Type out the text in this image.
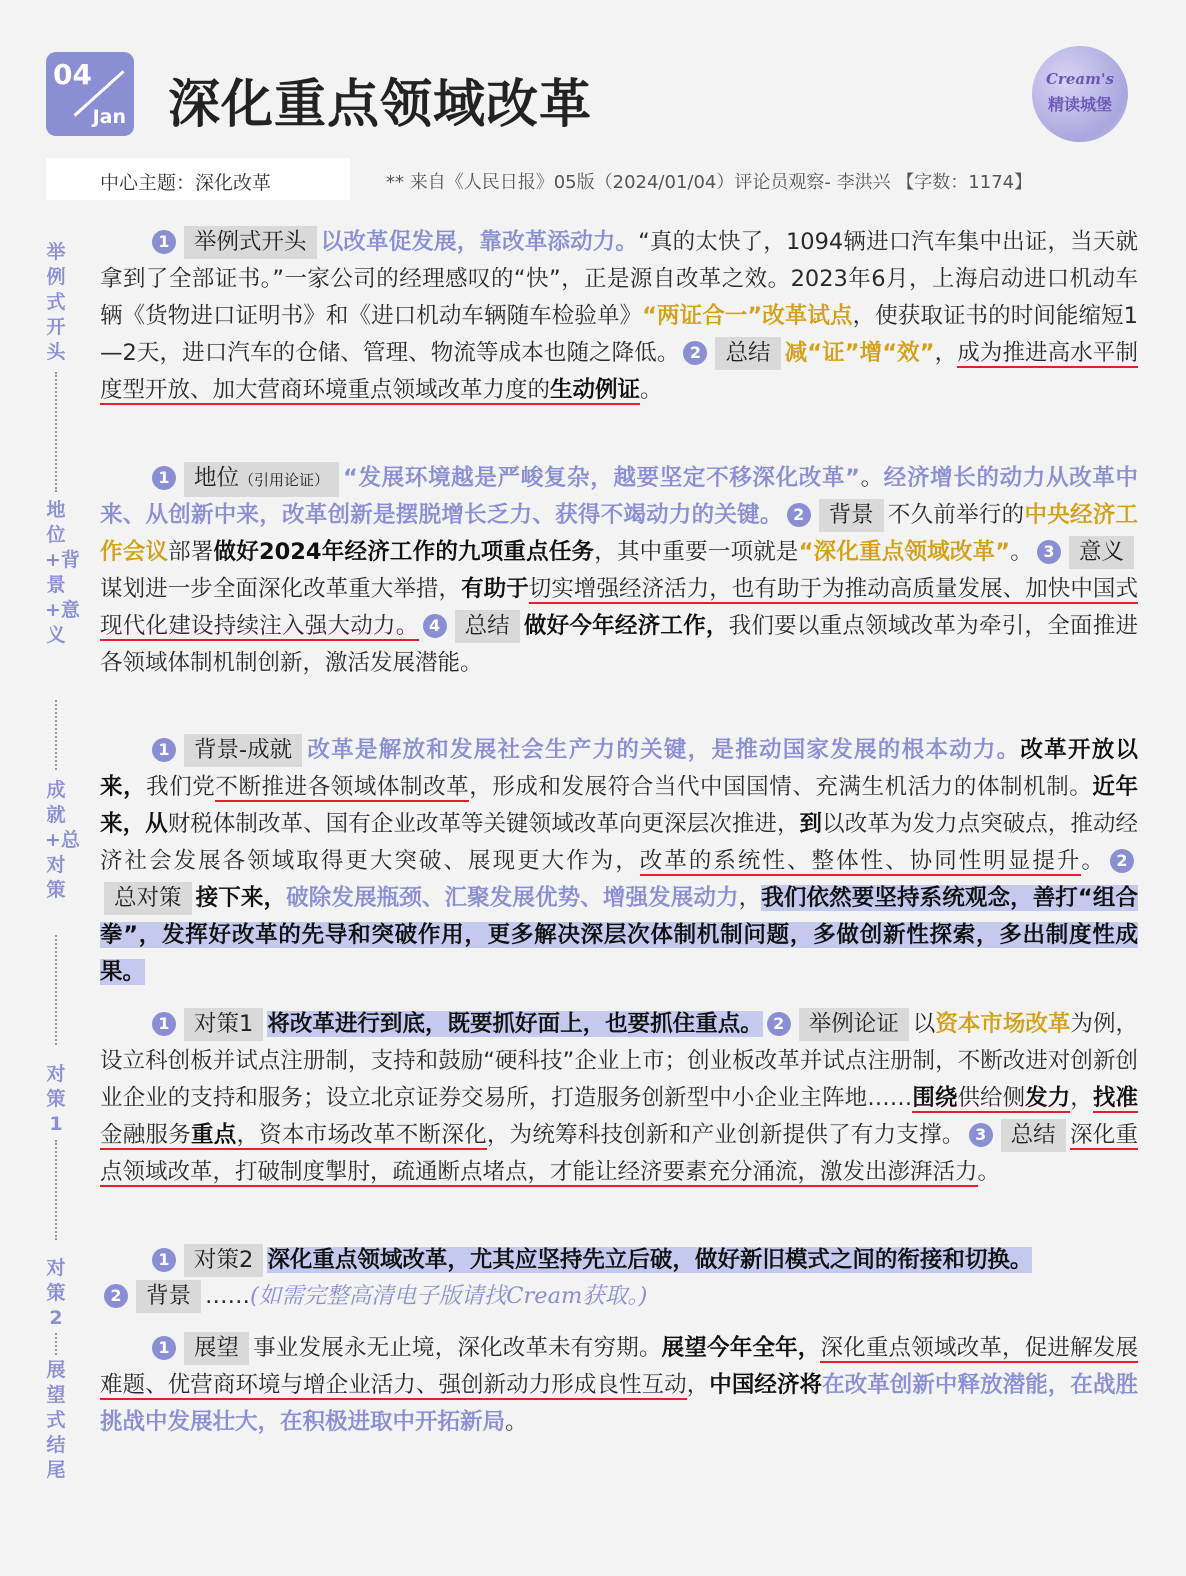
04
Jan 深化重点领域改革	Cream's
精读城堡
中心主题：深化改革	** 来自《人民日报》05版（2024/01/04）评论员观察- 李洪兴 【字数：1174】
举例式开头
地位+背景+意义
成就+总对策
对策1
对策2
展望式结尾
1 举例式开头 以改革促发展，靠改革添动力。“真的太快了，1094辆进口汽车集中出证，当天就拿到了全部证书。”一家公司的经理感叹的“快”，正是源自改革之效。2023年6月，上海启动进口机动车辆《货物进口证明书》和《进口机动车辆随车检验单》“两证合一”改革试点，使获取证书的时间能缩短1—2天，进口汽车的仓储、管理、物流等成本也随之降低。 2 总结 减“证”增“效”，成为推进高水平制度型开放、加大营商环境重点领域改革力度的生动例证。
1 地位（引用论证） “发展环境越是严峻复杂，越要坚定不移深化改革”。经济增长的动力从改革中来、从创新中来，改革创新是摆脱增长乏力、获得不竭动力的关键。 2 背景 不久前举行的中央经济工作会议部署做好2024年经济工作的九项重点任务，其中重要一项就是“深化重点领域改革”。 3 意义谋划进一步全面深化改革重大举措，有助于切实增强经济活力，也有助于为推动高质量发展、加快中国式现代化建设持续注入强大动力。 4 总结 做好今年经济工作，我们要以重点领域改革为牵引，全面推进各领域体制机制创新，激活发展潜能。
1 背景-成就 改革是解放和发展社会生产力的关键，是推动国家发展的根本动力。改革开放以来，我们党不断推进各领域体制改革，形成和发展符合当代中国国情、充满生机活力的体制机制。近年来，从财税体制改革、国有企业改革等关键领域改革向更深层次推进，到以改革为发力点突破点，推动经济社会发展各领域取得更大突破、展现更大作为，改革的系统性、整体性、协同性明显提升。 2总对策 接下来，破除发展瓶颈、汇聚发展优势、增强发展动力，我们依然要坚持系统观念，善打“组合拳”，发挥好改革的先导和突破作用，更多解决深层次体制机制问题，多做创新性探索，多出制度性成果。
1 对策1 将改革进行到底，既要抓好面上，也要抓住重点。 2 举例论证 以资本市场改革为例，设立科创板并试点注册制，支持和鼓励“硬科技”企业上市；创业板改革并试点注册制，不断改进对创新创业企业的支持和服务；设立北京证券交易所，打造服务创新型中小企业主阵地……围绕供给侧发力，找准金融服务重点，资本市场改革不断深化，为统筹科技创新和产业创新提供了有力支撑。 3 总结 深化重点领域改革，打破制度掣肘，疏通断点堵点，才能让经济要素充分涌流，激发出澎湃活力。
1 对策2 深化重点领域改革，尤其应坚持先立后破，做好新旧模式之间的衔接和切换。
2 背景 ……(如需完整高清电子版请找Cream获取。)
1 展望 事业发展永无止境，深化改革未有穷期。展望今年全年，深化重点领域改革，促进解发展难题、优营商环境与增企业活力、强创新动力形成良性互动，中国经济将在改革创新中释放潜能，在战胜挑战中发展壮大，在积极进取中开拓新局。
